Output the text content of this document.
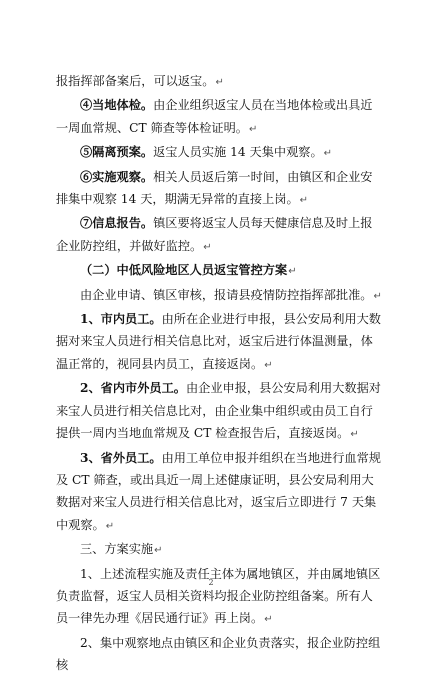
报指挥部备案后，可以返宝。↵

④当地体检。由企业组织返宝人员在当地体检或出具近一周血常规、CT 筛查等体检证明。↵

⑤隔离预案。返宝人员实施 14 天集中观察。↵

⑥实施观察。相关人员返后第一时间，由镇区和企业安排集中观察 14 天，期满无异常的直接上岗。↵

⑦信息报告。镇区要将返宝人员每天健康信息及时上报企业防控组，并做好监控。↵

（二）中低风险地区人员返宝管控方案↵

由企业申请、镇区审核，报请县疫情防控指挥部批准。↵

1、市内员工。由所在企业进行申报，县公安局利用大数据对来宝人员进行相关信息比对，返宝后进行体温测量，体温正常的，视同县内员工，直接返岗。↵

2、省内市外员工。由企业申报，县公安局利用大数据对来宝人员进行相关信息比对，由企业集中组织或由员工自行提供一周内当地血常规及 CT 检查报告后，直接返岗。↵

3、省外员工。由用工单位申报并组织在当地进行血常规及 CT 筛查，或出具近一周上述健康证明，县公安局利用大数据对来宝人员进行相关信息比对，返宝后立即进行 7 天集中观察。↵

三、方案实施↵

1、上述流程实施及责任主体为属地镇区，并由属地镇区负责监督，返宝人员相关资料均报企业防控组备案。所有人员一律先办理《居民通行证》再上岗。↵

2、集中观察地点由镇区和企业负责落实，报企业防控组核

2
